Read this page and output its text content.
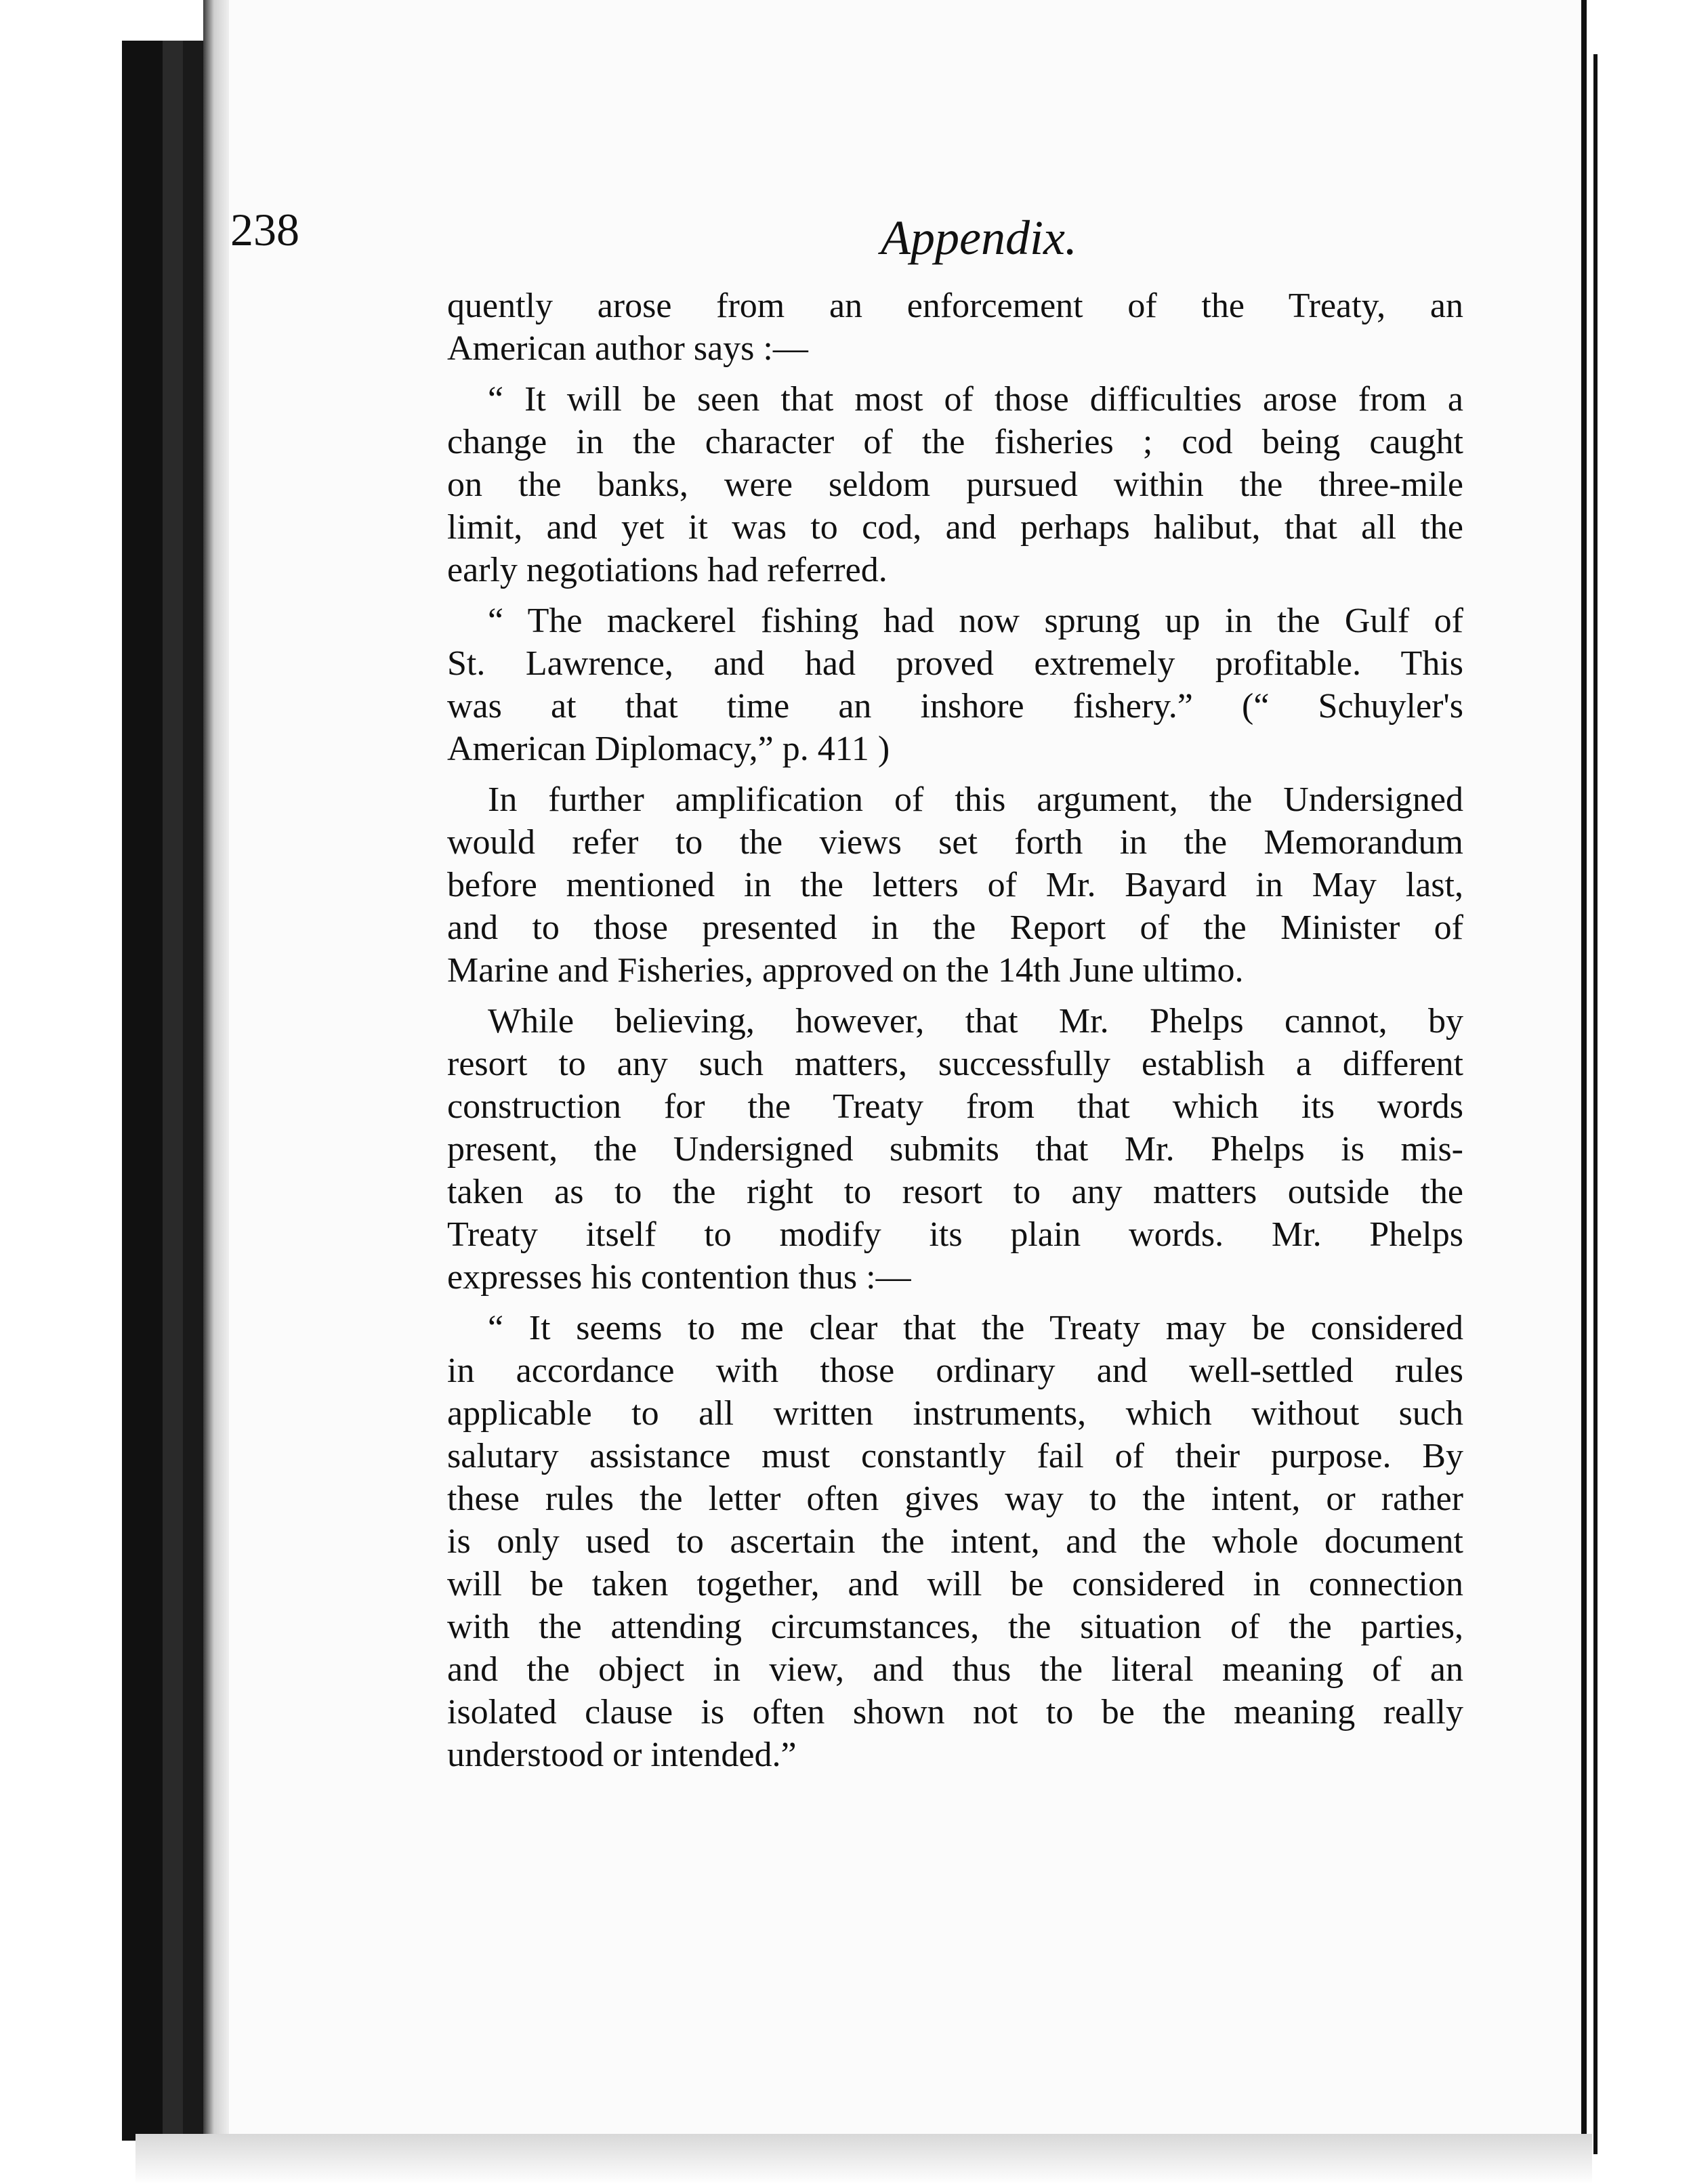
238	Appendix.
quently arose from an enforcement of the Treaty, an
American author says :—
“ It will be seen that most of those difficulties arose from a
change in the character of the fisheries ; cod being caught
on the banks, were seldom pursued within the three-mile
limit, and yet it was to cod, and perhaps halibut, that all the
early negotiations had referred.
“ The mackerel fishing had now sprung up in the Gulf of
St. Lawrence, and had proved extremely profitable. This
was at that time an inshore fishery.” (“ Schuyler's
American Diplomacy,” p. 411 )
In further amplification of this argument, the Undersigned
would refer to the views set forth in the Memorandum
before mentioned in the letters of Mr. Bayard in May last,
and to those presented in the Report of the Minister of
Marine and Fisheries, approved on the 14th June ultimo.
While believing, however, that Mr. Phelps cannot, by
resort to any such matters, successfully establish a different
construction for the Treaty from that which its words
present, the Undersigned submits that Mr. Phelps is mis-
taken as to the right to resort to any matters outside the
Treaty itself to modify its plain words. Mr. Phelps
expresses his contention thus :—
“ It seems to me clear that the Treaty may be considered
in accordance with those ordinary and well-settled rules
applicable to all written instruments, which without such
salutary assistance must constantly fail of their purpose. By
these rules the letter often gives way to the intent, or rather
is only used to ascertain the intent, and the whole document
will be taken together, and will be considered in connection
with the attending circumstances, the situation of the parties,
and the object in view, and thus the literal meaning of an
isolated clause is often shown not to be the meaning really
understood or intended.”
